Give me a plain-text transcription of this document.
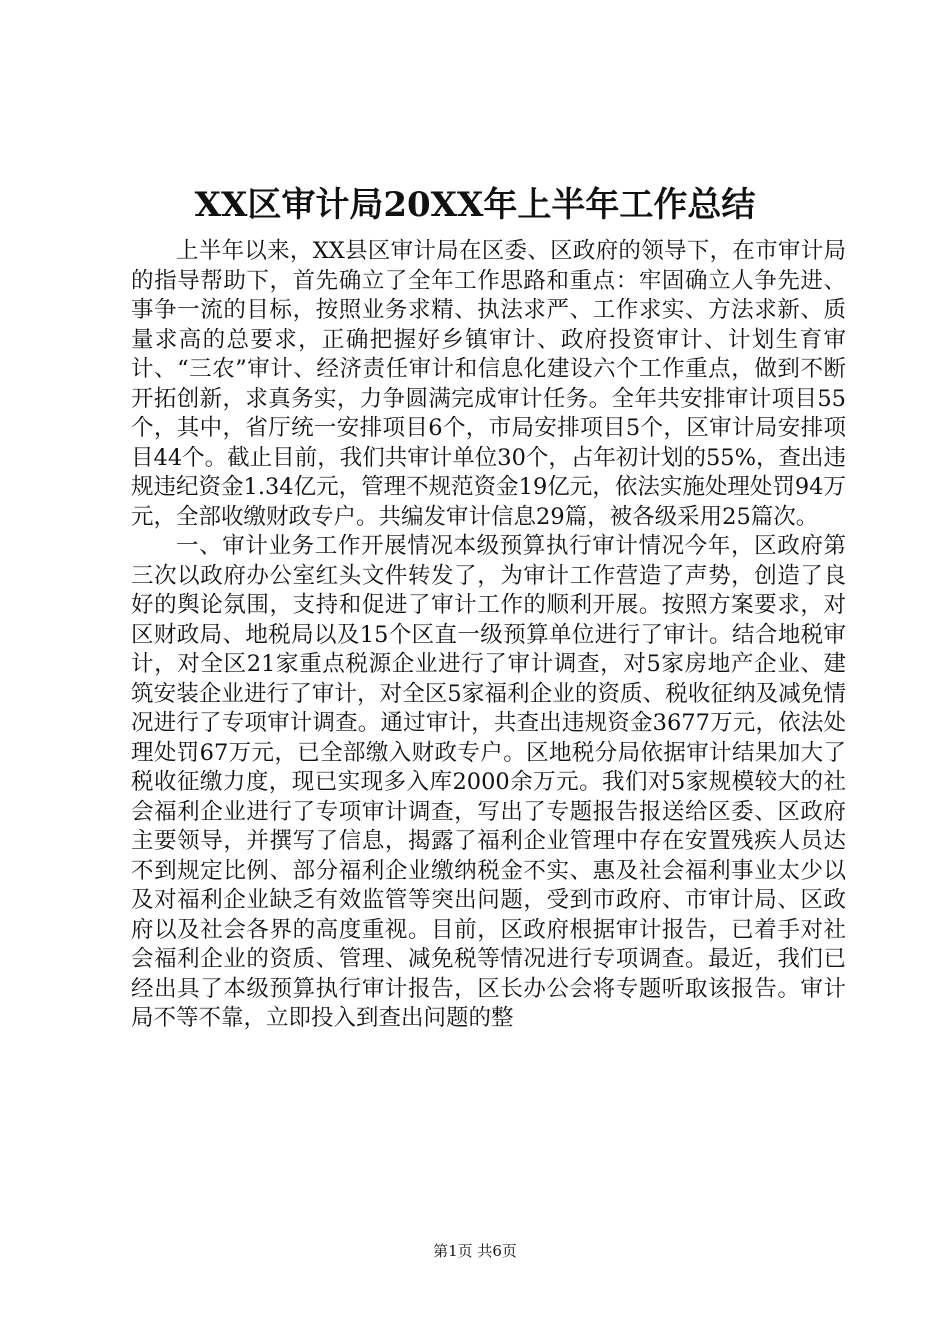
XX区审计局20XX年上半年工作总结

上半年以来，XX县区审计局在区委、区政府的领导下，在市审计局的指导帮助下，首先确立了全年工作思路和重点：牢固确立人争先进、事争一流的目标，按照业务求精、执法求严、工作求实、方法求新、质量求高的总要求，正确把握好乡镇审计、政府投资审计、计划生育审计、“三农”审计、经济责任审计和信息化建设六个工作重点，做到不断开拓创新，求真务实，力争圆满完成审计任务。全年共安排审计项目55个，其中，省厅统一安排项目6个，市局安排项目5个，区审计局安排项目44个。截止目前，我们共审计单位30个，占年初计划的55%，查出违规违纪资金1.34亿元，管理不规范资金19亿元，依法实施处理处罚94万元，全部收缴财政专户。共编发审计信息29篇，被各级采用25篇次。

一、审计业务工作开展情况本级预算执行审计情况今年，区政府第三次以政府办公室红头文件转发了，为审计工作营造了声势，创造了良好的舆论氛围，支持和促进了审计工作的顺利开展。按照方案要求，对区财政局、地税局以及15个区直一级预算单位进行了审计。结合地税审计，对全区21家重点税源企业进行了审计调查，对5家房地产企业、建筑安装企业进行了审计，对全区5家福利企业的资质、税收征纳及减免情况进行了专项审计调查。通过审计，共查出违规资金3677万元，依法处理处罚67万元，已全部缴入财政专户。区地税分局依据审计结果加大了税收征缴力度，现已实现多入库2000余万元。我们对5家规模较大的社会福利企业进行了专项审计调查，写出了专题报告报送给区委、区政府主要领导，并撰写了信息，揭露了福利企业管理中存在安置残疾人员达不到规定比例、部分福利企业缴纳税金不实、惠及社会福利事业太少以及对福利企业缺乏有效监管等突出问题，受到市政府、市审计局、区政府以及社会各界的高度重视。目前，区政府根据审计报告，已着手对社会福利企业的资质、管理、减免税等情况进行专项调查。最近，我们已经出具了本级预算执行审计报告，区长办公会将专题听取该报告。审计局不等不靠，立即投入到查出问题的整

第1页 共6页
